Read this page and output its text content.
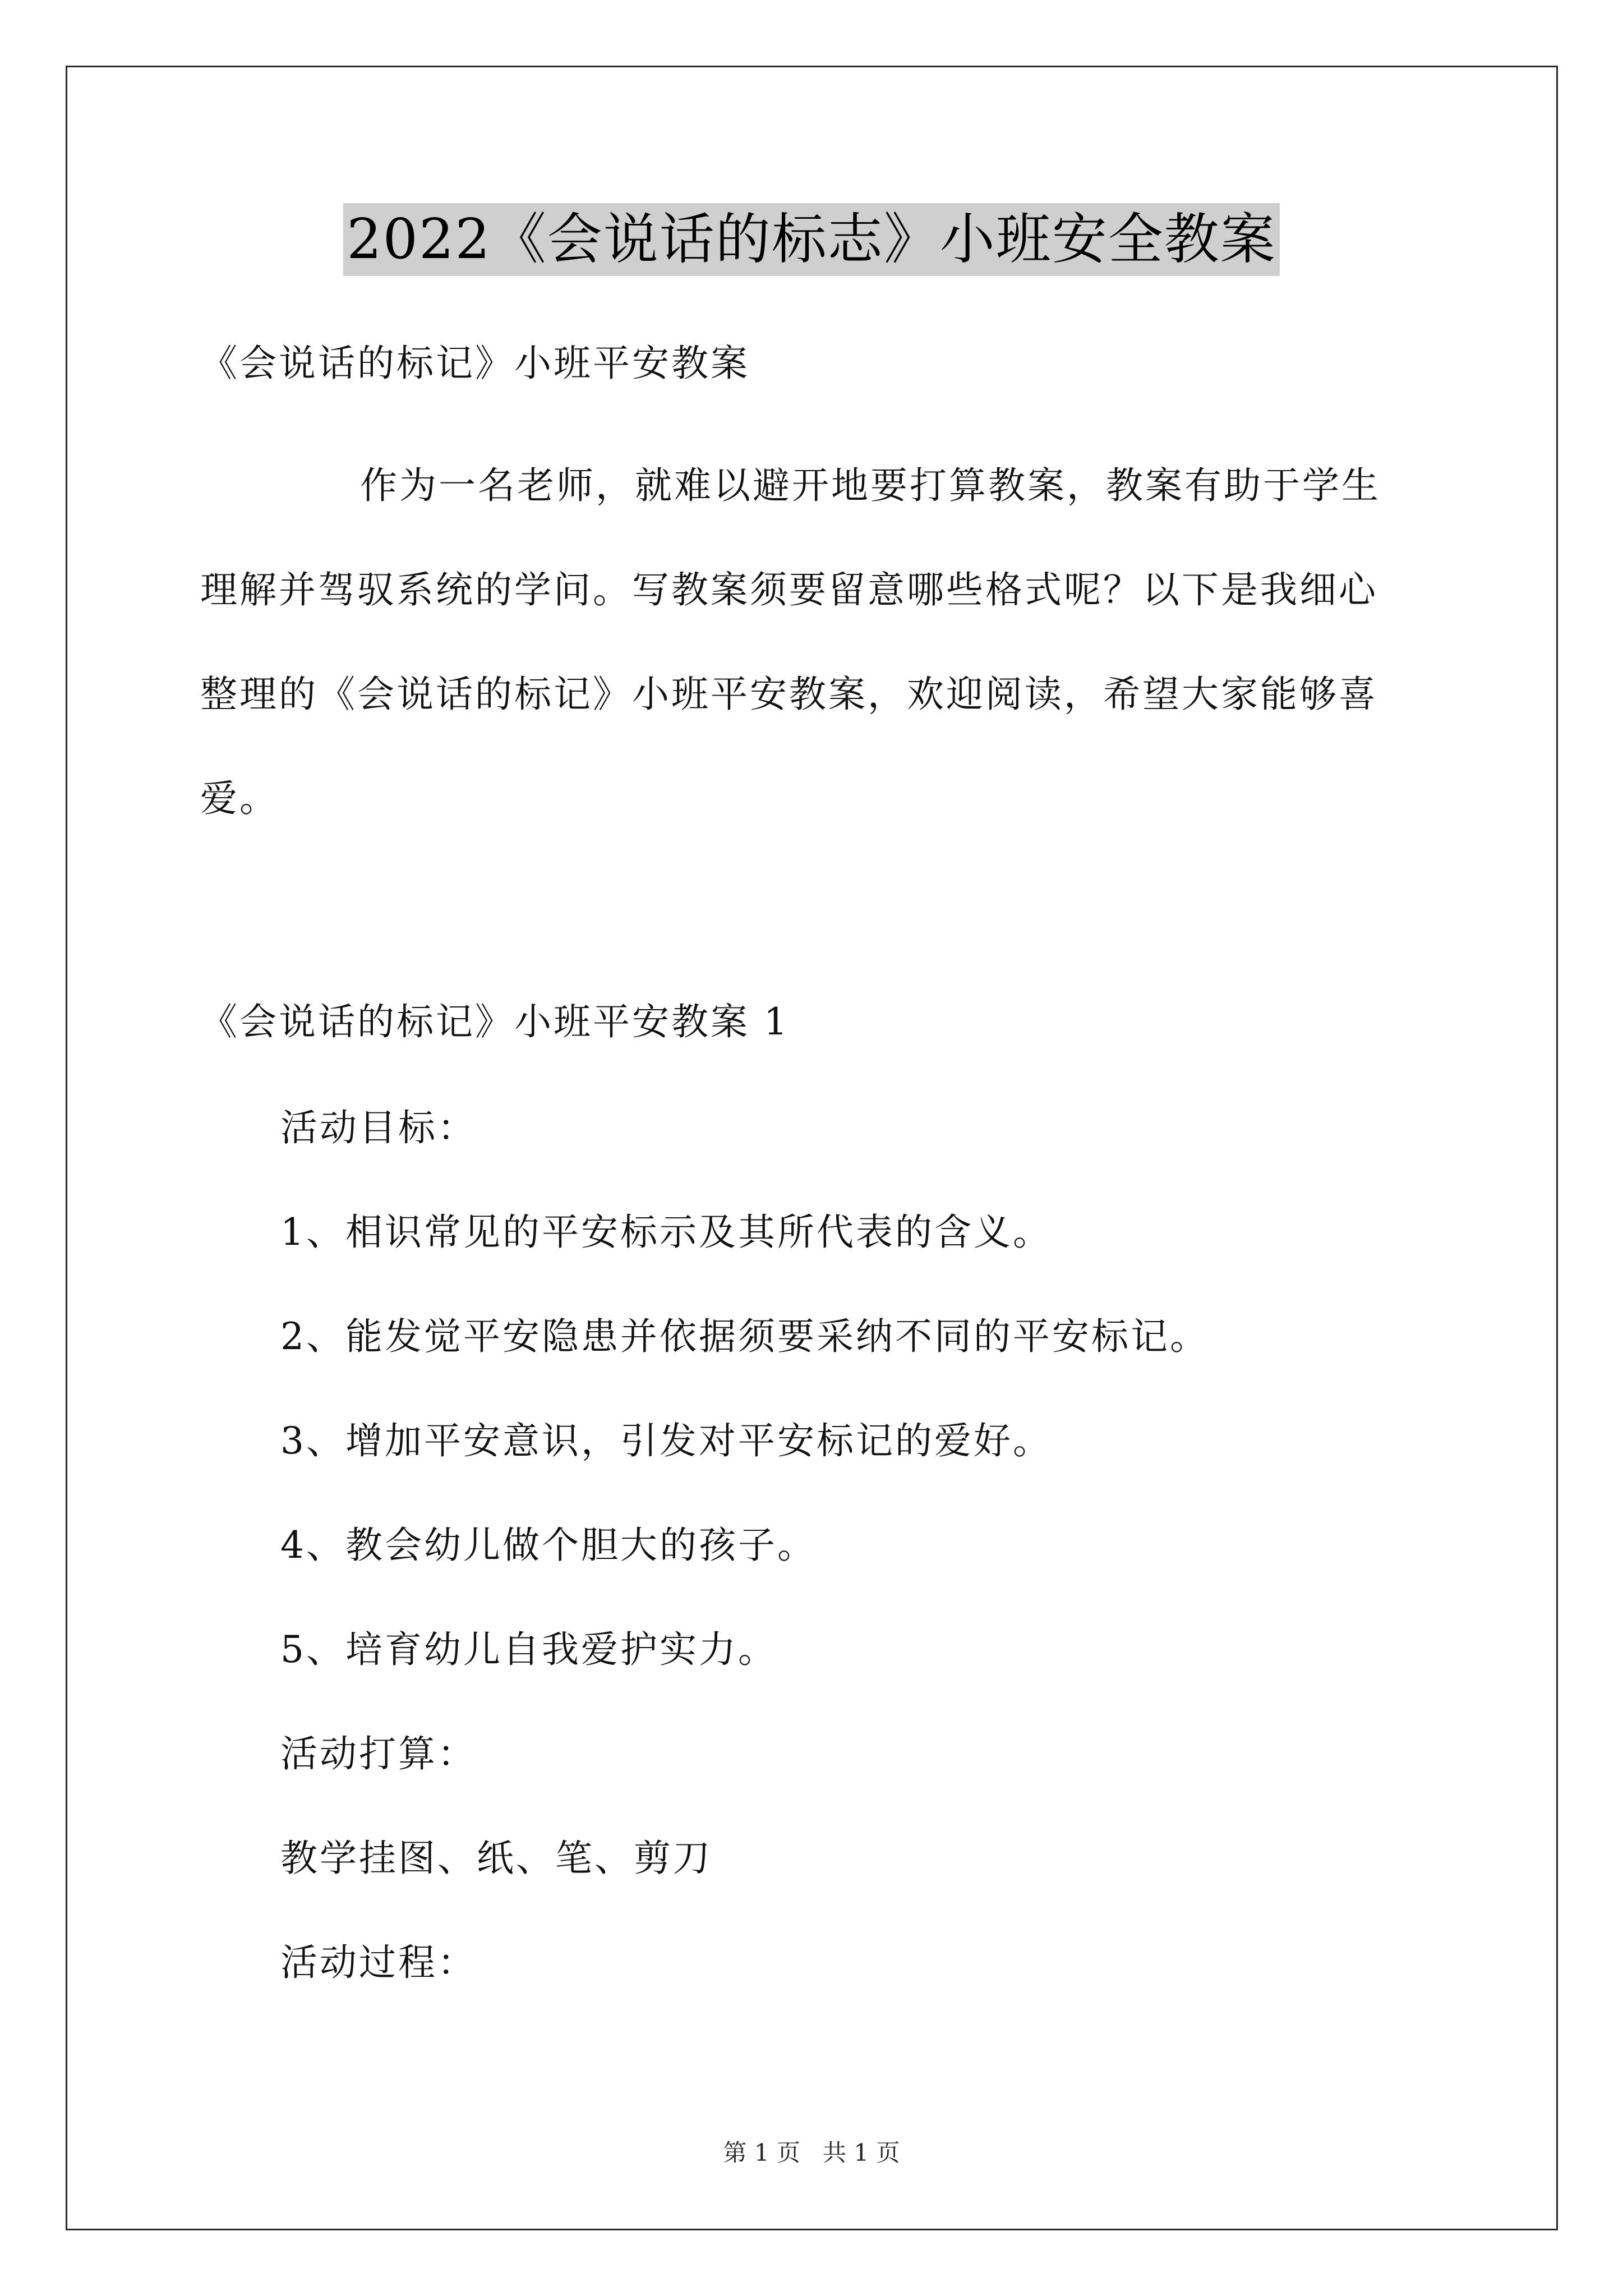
2022《会说话的标志》小班安全教案
《会说话的标记》小班平安教案
作为一名老师，就难以避开地要打算教案，教案有助于学生
理解并驾驭系统的学问。写教案须要留意哪些格式呢？以下是我细心
整理的《会说话的标记》小班平安教案，欢迎阅读，希望大家能够喜
爱。
《会说话的标记》小班平安教案 1
活动目标：
1、相识常见的平安标示及其所代表的含义。
2、能发觉平安隐患并依据须要采纳不同的平安标记。
3、增加平安意识，引发对平安标记的爱好。
4、教会幼儿做个胆大的孩子。
5、培育幼儿自我爱护实力。
活动打算：
教学挂图、纸、笔、剪刀
活动过程：
第 1 页   共 1 页
